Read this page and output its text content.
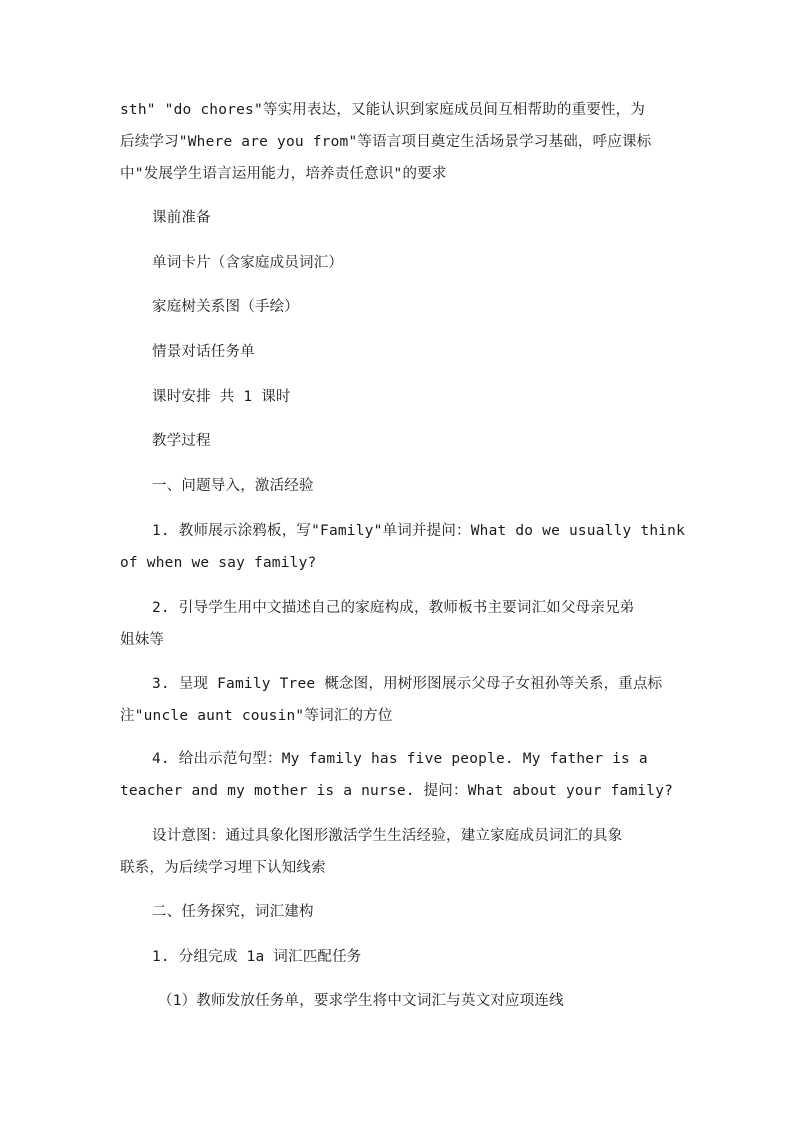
sth" "do chores"等实用表达，又能认识到家庭成员间互相帮助的重要性，为
后续学习"Where are you from"等语言项目奠定生活场景学习基础，呼应课标
中"发展学生语言运用能力，培养责任意识"的要求
课前准备
单词卡片（含家庭成员词汇）
家庭树关系图（手绘）
情景对话任务单
课时安排 共 1 课时
教学过程
一、问题导入，激活经验
1. 教师展示涂鸦板，写"Family"单词并提问：What do we usually think
of when we say family?
2. 引导学生用中文描述自己的家庭构成，教师板书主要词汇如父母亲兄弟
姐妹等
3. 呈现 Family Tree 概念图，用树形图展示父母子女祖孙等关系，重点标
注"uncle aunt cousin"等词汇的方位
4. 给出示范句型：My family has five people. My father is a
teacher and my mother is a nurse. 提问：What about your family?
设计意图：通过具象化图形激活学生生活经验，建立家庭成员词汇的具象
联系，为后续学习埋下认知线索
二、任务探究，词汇建构
1. 分组完成 1a 词汇匹配任务
（1）教师发放任务单，要求学生将中文词汇与英文对应项连线
